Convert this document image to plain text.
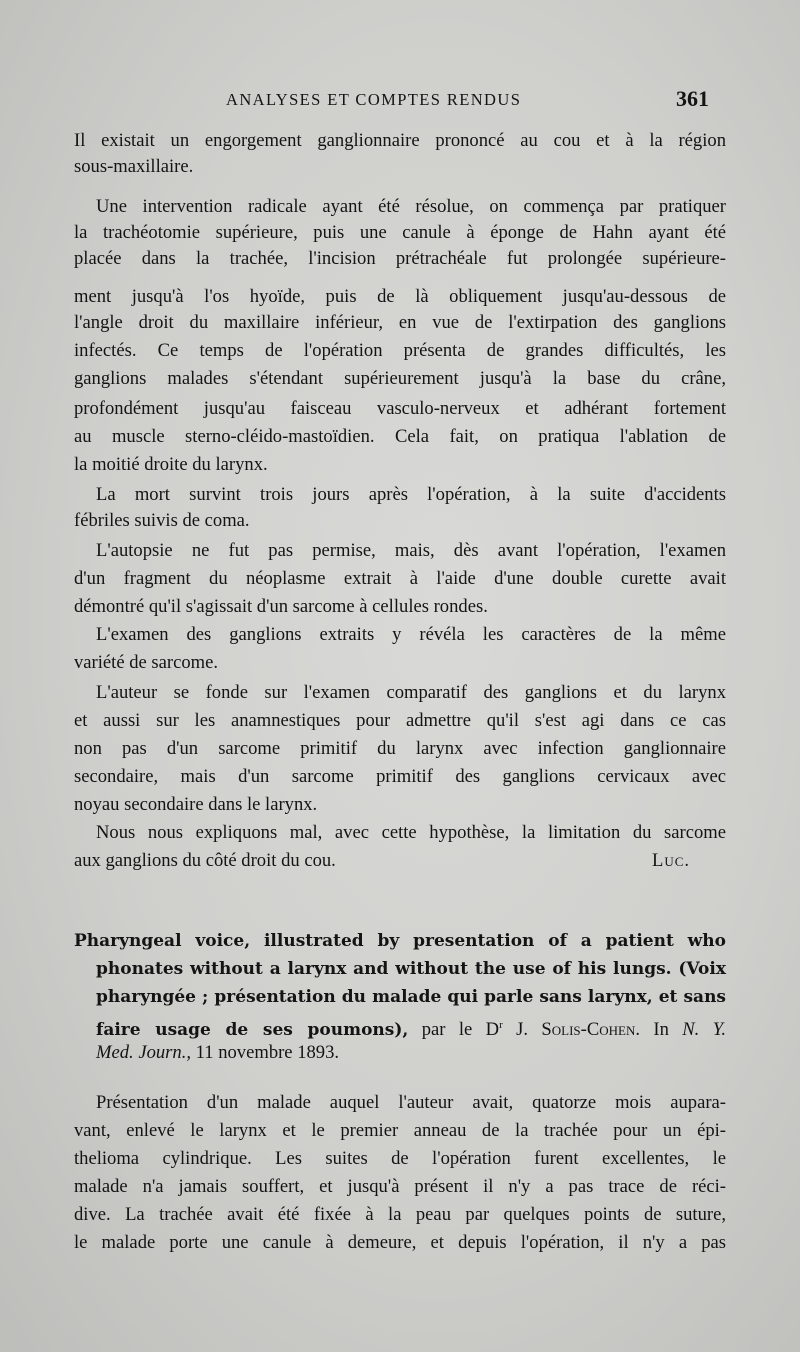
ANALYSES ET COMPTES RENDUS	361
Il existait un engorgement ganglionnaire prononcé au cou et à la région
sous-maxillaire.
Une intervention radicale ayant été résolue, on commença par pratiquer
la trachéotomie supérieure, puis une canule à éponge de Hahn ayant été
placée dans la trachée, l'incision prétrachéale fut prolongée supérieure-
ment jusqu'à l'os hyoïde, puis de là obliquement jusqu'au-dessous de
l'angle droit du maxillaire inférieur, en vue de l'extirpation des ganglions
infectés. Ce temps de l'opération présenta de grandes difficultés, les
ganglions malades s'étendant supérieurement jusqu'à la base du crâne,
profondément jusqu'au faisceau vasculo-nerveux et adhérant fortement
au muscle sterno-cléido-mastoïdien. Cela fait, on pratiqua l'ablation de
la moitié droite du larynx.
La mort survint trois jours après l'opération, à la suite d'accidents
fébriles suivis de coma.
L'autopsie ne fut pas permise, mais, dès avant l'opération, l'examen
d'un fragment du néoplasme extrait à l'aide d'une double curette avait
démontré qu'il s'agissait d'un sarcome à cellules rondes.
L'examen des ganglions extraits y révéla les caractères de la même
variété de sarcome.
L'auteur se fonde sur l'examen comparatif des ganglions et du larynx
et aussi sur les anamnestiques pour admettre qu'il s'est agi dans ce cas
non pas d'un sarcome primitif du larynx avec infection ganglionnaire
secondaire, mais d'un sarcome primitif des ganglions cervicaux avec
noyau secondaire dans le larynx.
Nous nous expliquons mal, avec cette hypothèse, la limitation du sarcome
aux ganglions du côté droit du cou.	Luc.
Pharyngeal voice, illustrated by presentation of a patient who
phonates without a larynx and without the use of his lungs. (Voix
pharyngée ; présentation du malade qui parle sans larynx, et sans
faire usage de ses poumons), par le $D^r$ J. Solis-Cohen. In N. Y.
Med. Journ., 11 novembre 1893.
Présentation d'un malade auquel l'auteur avait, quatorze mois aupara-
vant, enlevé le larynx et le premier anneau de la trachée pour un épi-
thelioma cylindrique. Les suites de l'opération furent excellentes, le
malade n'a jamais souffert, et jusqu'à présent il n'y a pas trace de réci-
dive. La trachée avait été fixée à la peau par quelques points de suture,
le malade porte une canule à demeure, et depuis l'opération, il n'y a pas
